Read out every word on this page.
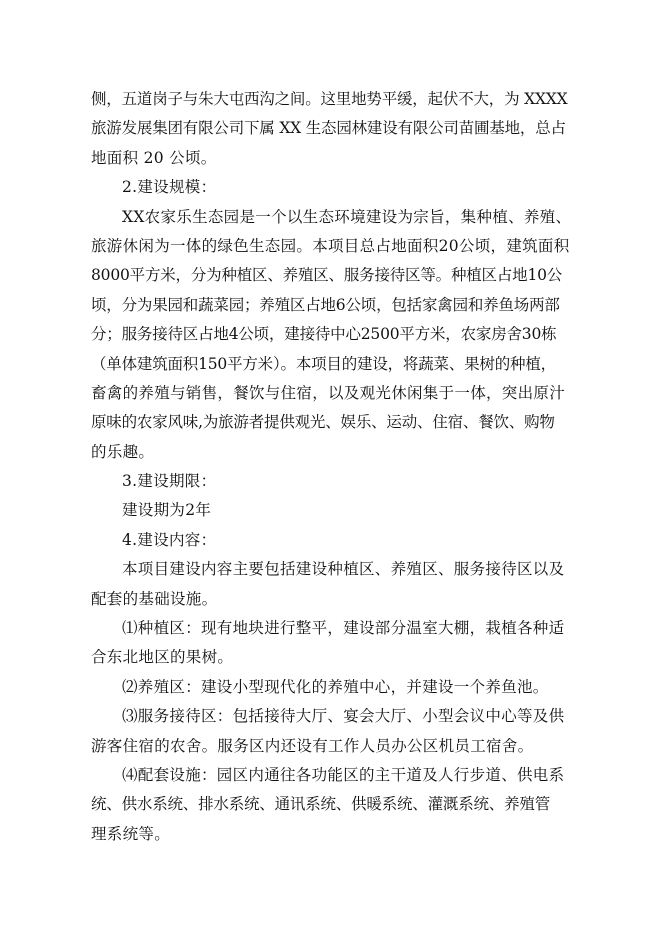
侧，五道岗子与朱大屯西沟之间。这里地势平缓，起伏不大，为 XXXX
旅游发展集团有限公司下属 XX 生态园林建设有限公司苗圃基地，总占
地面积 20 公顷。
2.建设规模：
XX农家乐生态园是一个以生态环境建设为宗旨，集种植、养殖、
旅游休闲为一体的绿色生态园。本项目总占地面积20公顷，建筑面积
8000平方米，分为种植区、养殖区、服务接待区等。种植区占地10公
顷，分为果园和蔬菜园；养殖区占地6公顷，包括家禽园和养鱼场两部
分；服务接待区占地4公顷，建接待中心2500平方米，农家房舍30栋
（单体建筑面积150平方米）。本项目的建设，将蔬菜、果树的种植，
畜禽的养殖与销售，餐饮与住宿，以及观光休闲集于一体，突出原汁
原味的农家风味,为旅游者提供观光、娱乐、运动、住宿、餐饮、购物
的乐趣。
3.建设期限：
建设期为2年
4.建设内容：
本项目建设内容主要包括建设种植区、养殖区、服务接待区以及
配套的基础设施。
⑴种植区：现有地块进行整平，建设部分温室大棚，栽植各种适
合东北地区的果树。
⑵养殖区：建设小型现代化的养殖中心，并建设一个养鱼池。
⑶服务接待区：包括接待大厅、宴会大厅、小型会议中心等及供
游客住宿的农舍。服务区内还设有工作人员办公区机员工宿舍。
⑷配套设施：园区内通往各功能区的主干道及人行步道、供电系
统、供水系统、排水系统、通讯系统、供暖系统、灌溉系统、养殖管
理系统等。
